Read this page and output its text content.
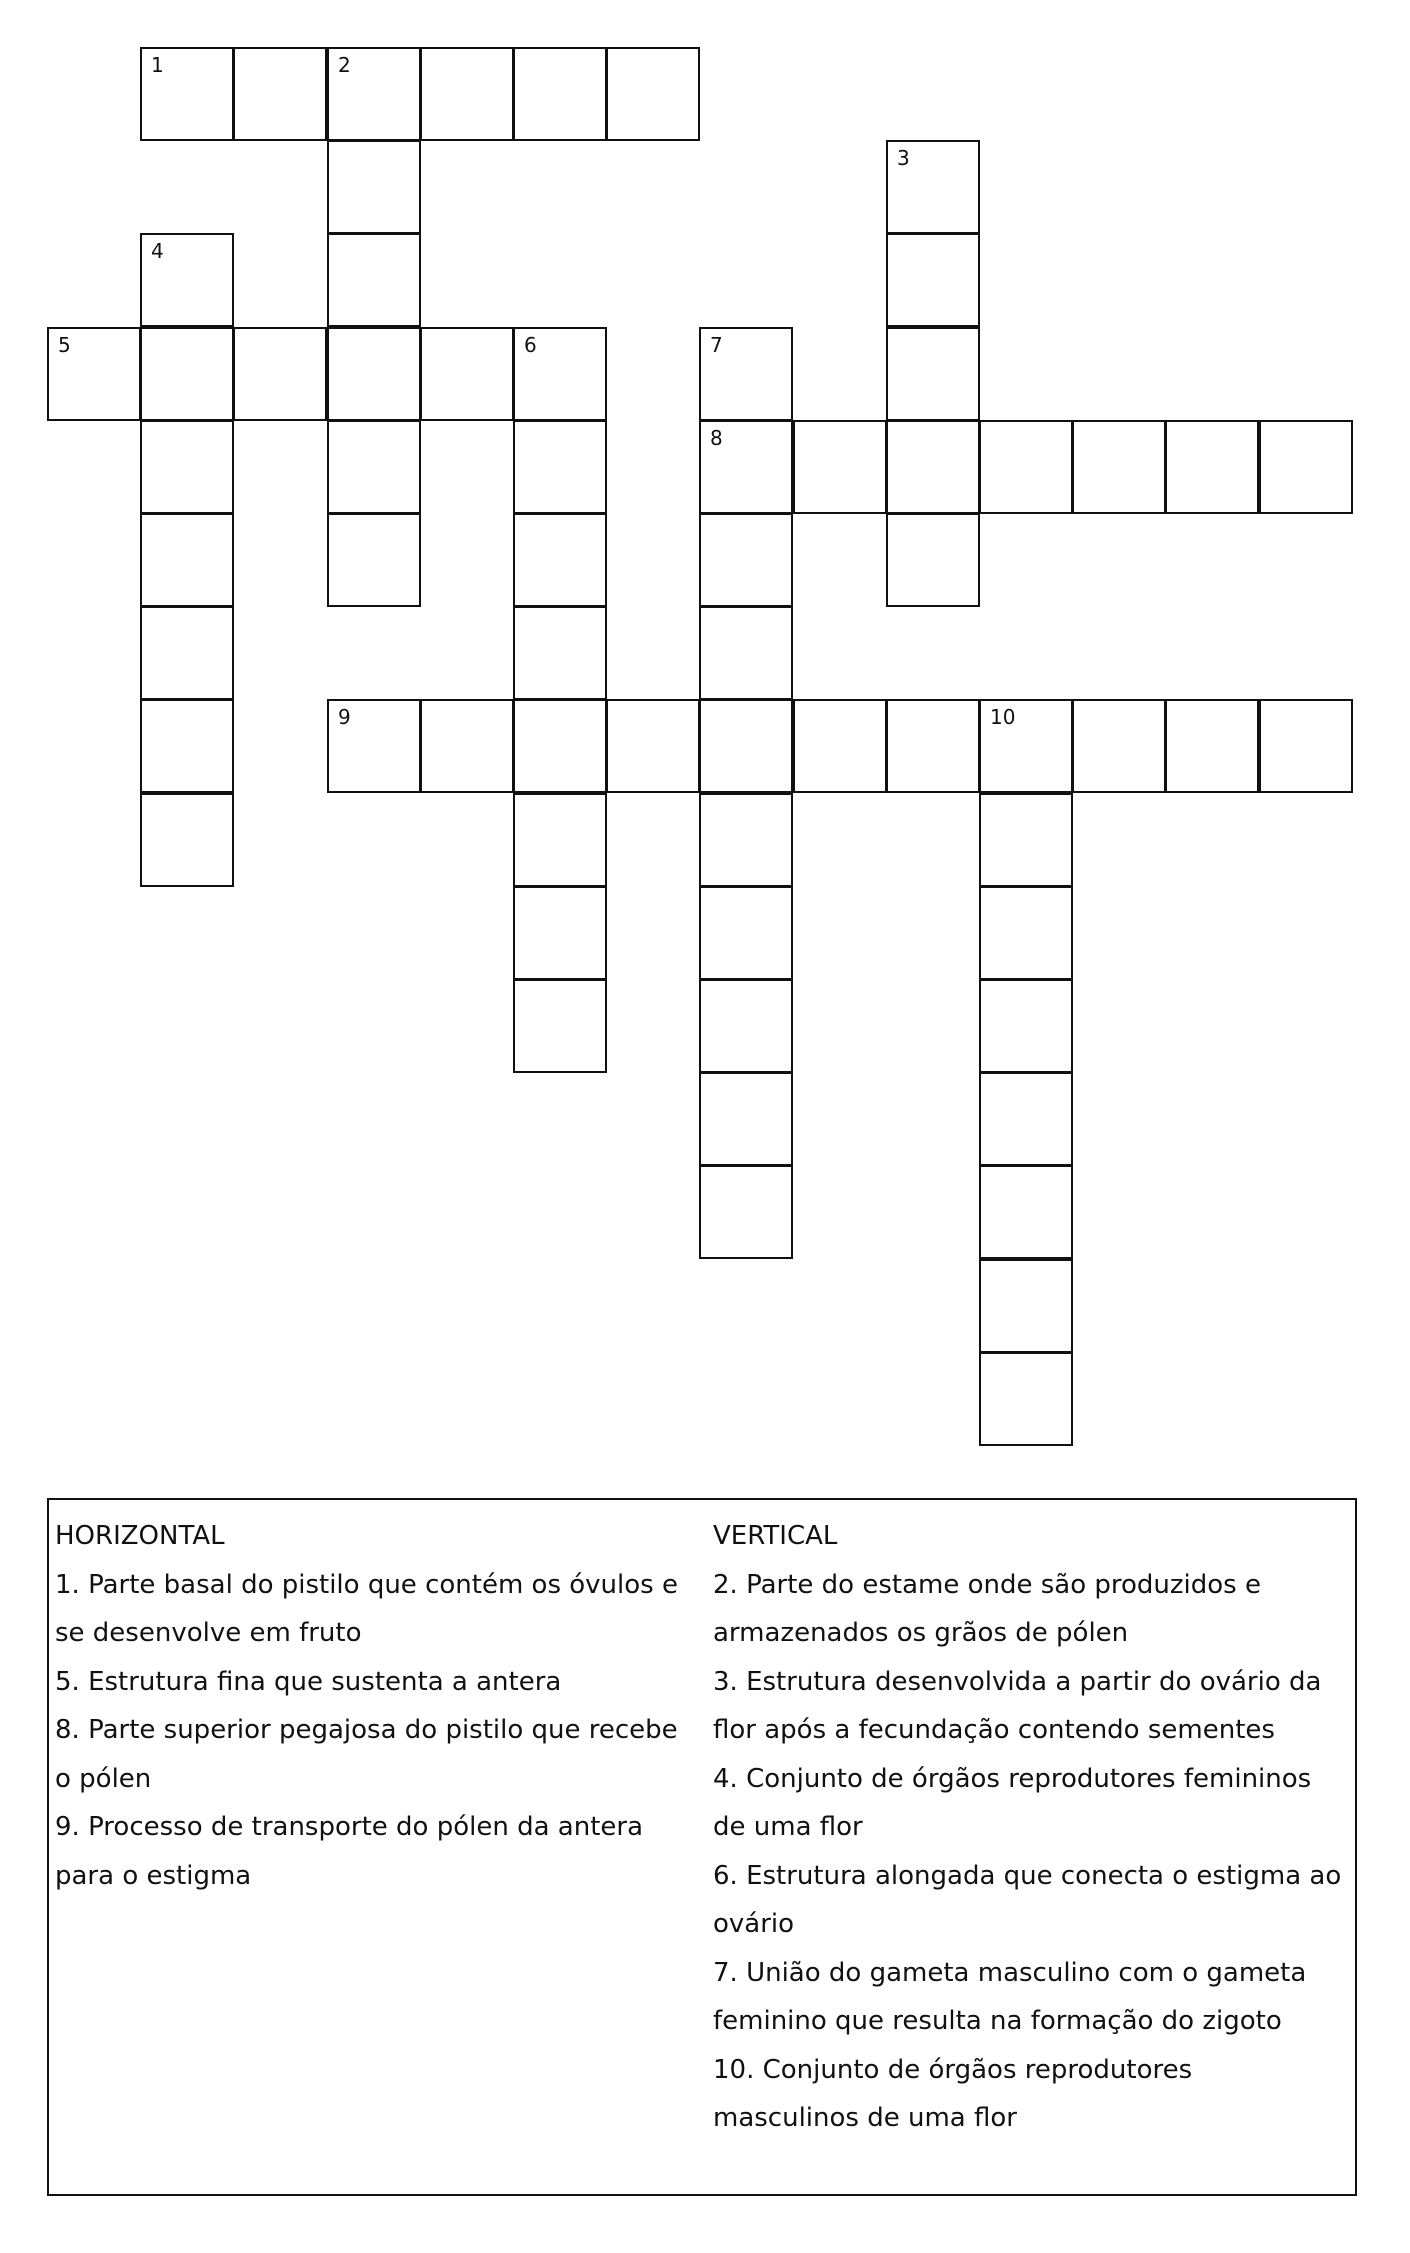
1	2
3
4
5	6	7
8
9	10
HORIZONTAL
1. Parte basal do pistilo que contém os óvulos e
se desenvolve em fruto
5. Estrutura fina que sustenta a antera
8. Parte superior pegajosa do pistilo que recebe
o pólen
9. Processo de transporte do pólen da antera
para o estigma
VERTICAL
2. Parte do estame onde são produzidos e
armazenados os grãos de pólen
3. Estrutura desenvolvida a partir do ovário da
flor após a fecundação contendo sementes
4. Conjunto de órgãos reprodutores femininos
de uma flor
6. Estrutura alongada que conecta o estigma ao
ovário
7. União do gameta masculino com o gameta
feminino que resulta na formação do zigoto
10. Conjunto de órgãos reprodutores
masculinos de uma flor
